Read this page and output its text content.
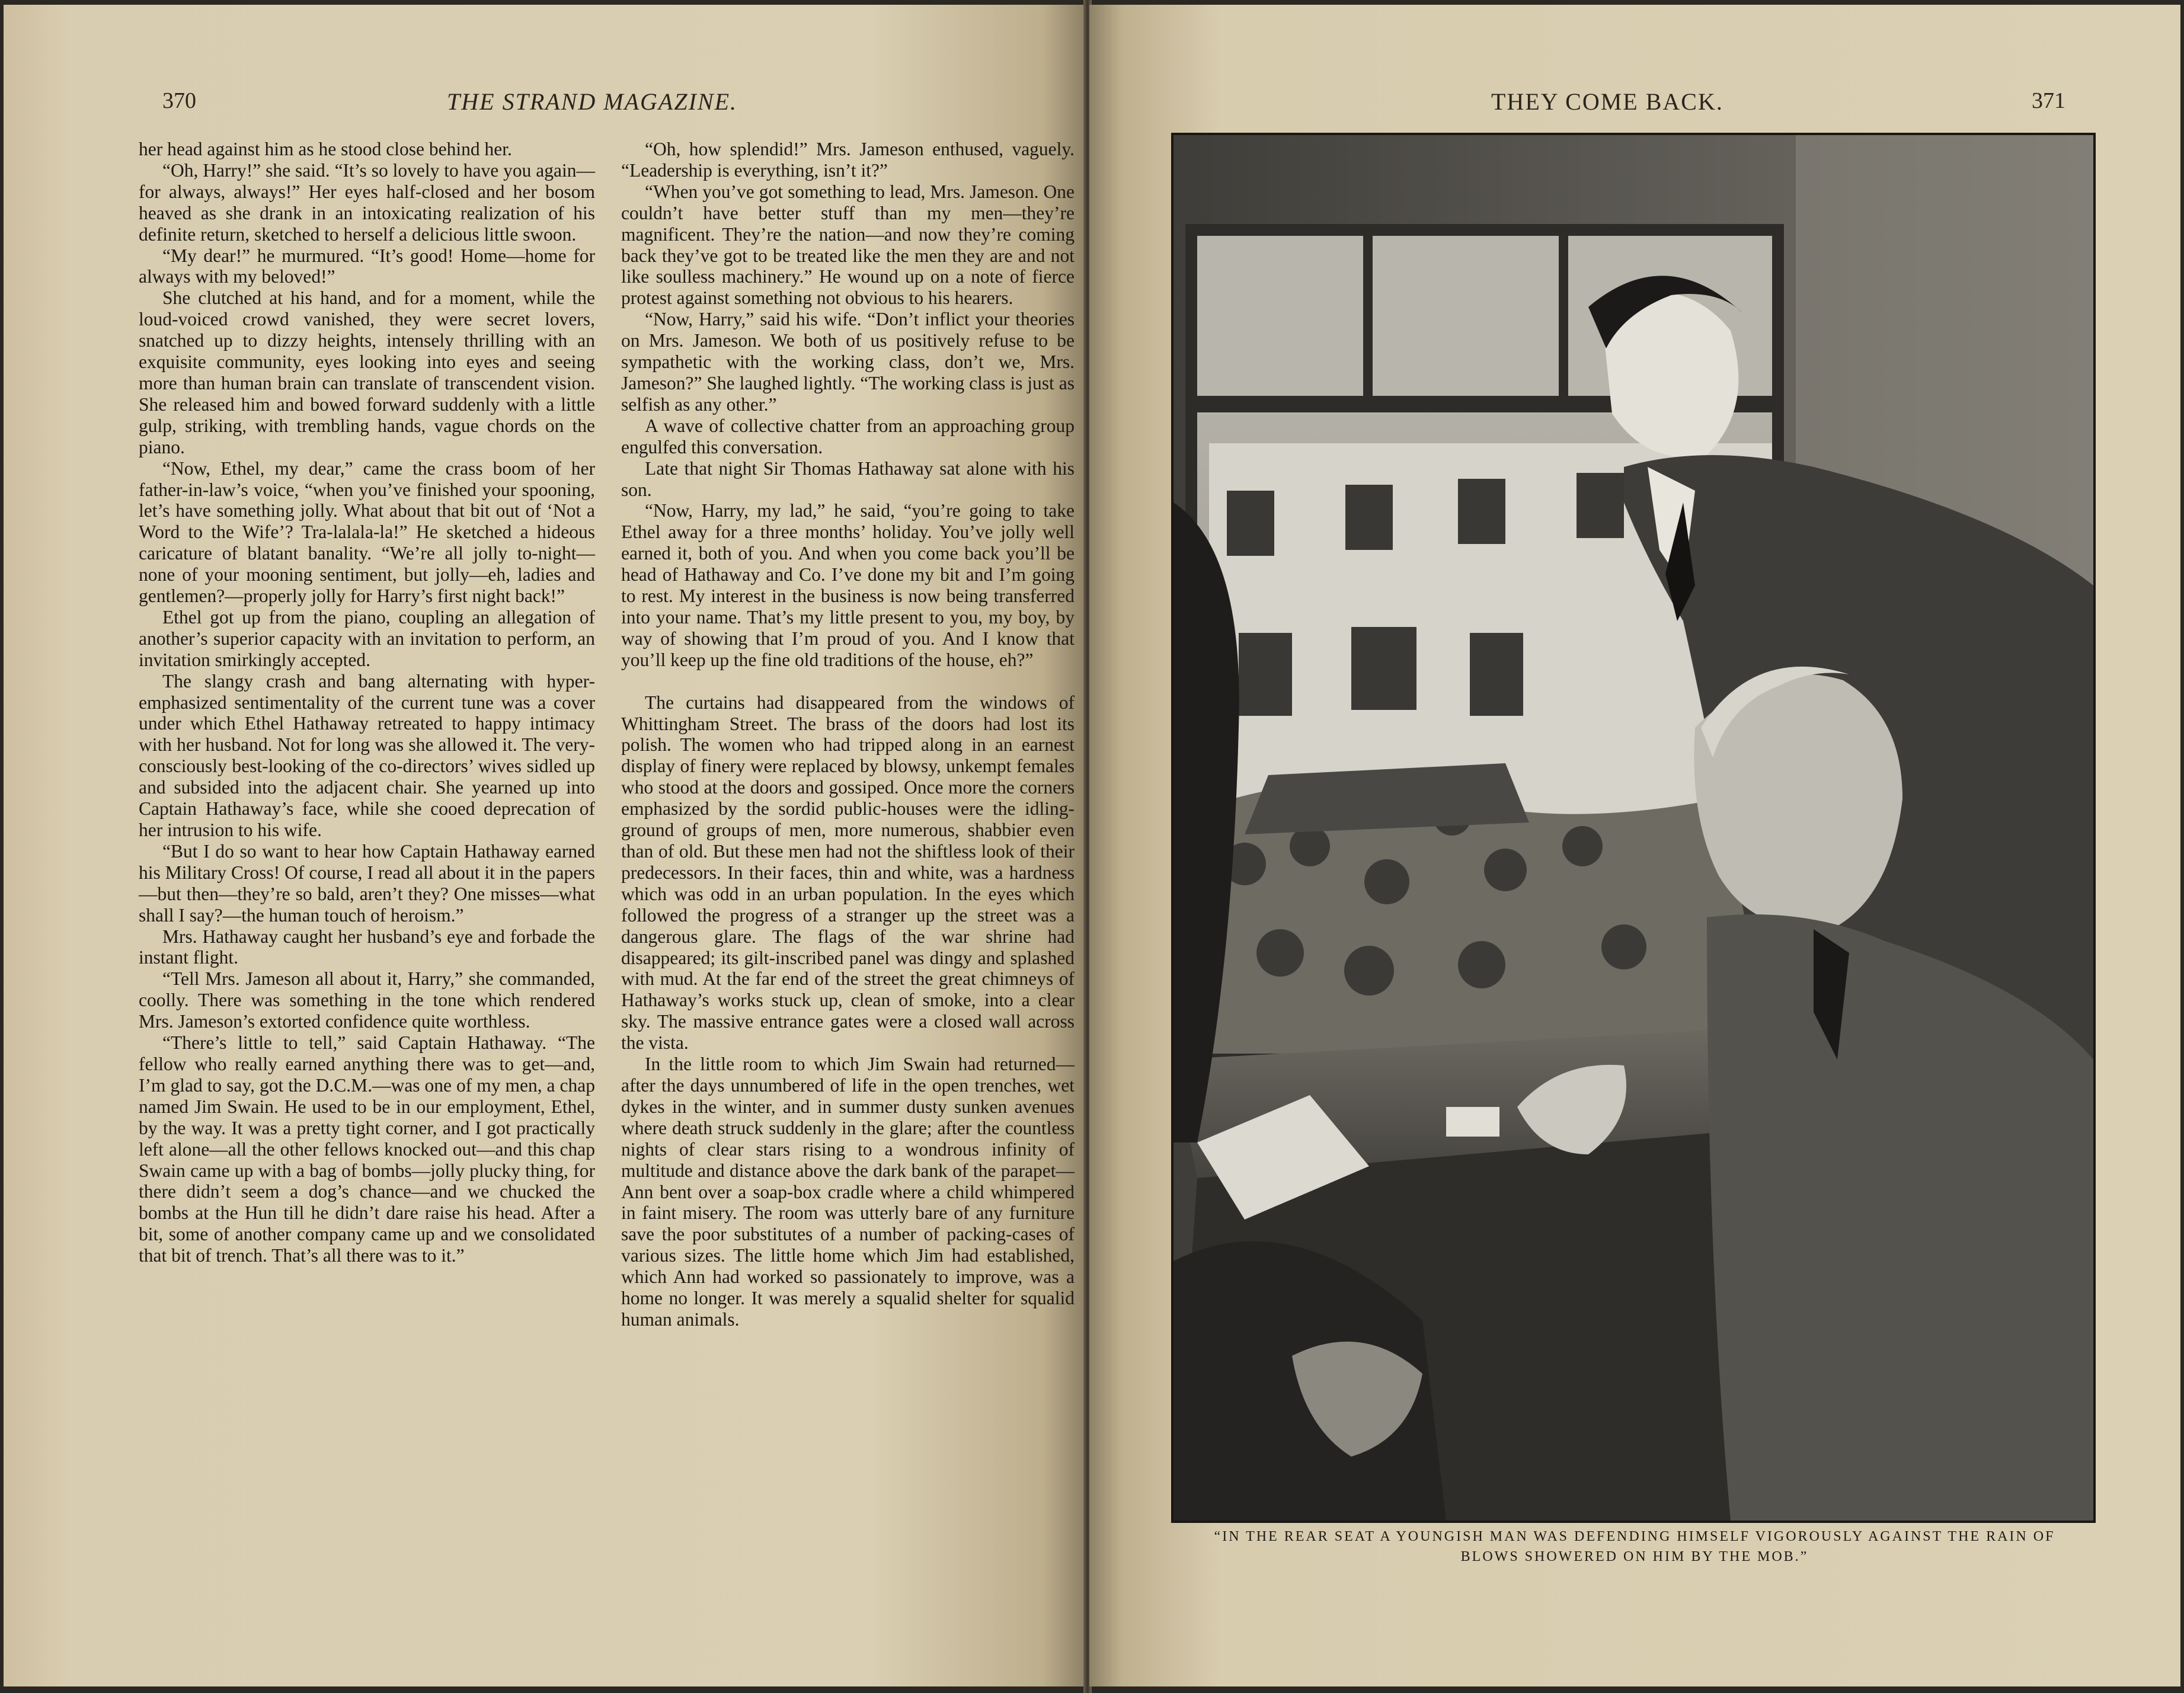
370	THE STRAND MAGAZINE.

her head against him as he stood close behind her.

“Oh, Harry!” she said. “It’s so lovely to have you again—for always, always!” Her eyes half-closed and her bosom heaved as she drank in an intoxicating realization of his definite return, sketched to herself a delicious little swoon.

“My dear!” he murmured. “It’s good! Home—home for always with my beloved!”

She clutched at his hand, and for a moment, while the loud-voiced crowd vanished, they were secret lovers, snatched up to dizzy heights, intensely thrilling with an exquisite community, eyes looking into eyes and seeing more than human brain can translate of transcendent vision. She released him and bowed forward suddenly with a little gulp, striking, with trembling hands, vague chords on the piano.

“Now, Ethel, my dear,” came the crass boom of her father-in-law’s voice, “when you’ve finished your spooning, let’s have something jolly. What about that bit out of ‘Not a Word to the Wife’? Tra-lalala-la!” He sketched a hideous caricature of blatant banality. “We’re all jolly to-night—none of your mooning sentiment, but jolly—eh, ladies and gentlemen?—properly jolly for Harry’s first night back!”

Ethel got up from the piano, coupling an allegation of another’s superior capacity with an invitation to perform, an invitation smirkingly accepted.

The slangy crash and bang alternating with hyper-emphasized sentimentality of the current tune was a cover under which Ethel Hathaway retreated to happy intimacy with her husband. Not for long was she allowed it. The very-consciously best-looking of the co-directors’ wives sidled up and subsided into the adjacent chair. She yearned up into Captain Hathaway’s face, while she cooed deprecation of her intrusion to his wife.

“But I do so want to hear how Captain Hathaway earned his Military Cross! Of course, I read all about it in the papers—but then—they’re so bald, aren’t they? One misses—what shall I say?—the human touch of heroism.”

Mrs. Hathaway caught her husband’s eye and forbade the instant flight.

“Tell Mrs. Jameson all about it, Harry,” she commanded, coolly. There was something in the tone which rendered Mrs. Jameson’s extorted confidence quite worthless.

“There’s little to tell,” said Captain Hathaway. “The fellow who really earned anything there was to get—and, I’m glad to say, got the D.C.M.—was one of my men, a chap named Jim Swain. He used to be in our employment, Ethel, by the way. It was a pretty tight corner, and I got practically left alone—all the other fellows knocked out—and this chap Swain came up with a bag of bombs—jolly plucky thing, for there didn’t seem a dog’s chance—and we chucked the bombs at the Hun till he didn’t dare raise his head. After a bit, some of another company came up and we consolidated that bit of trench. That’s all there was to it.”

“Oh, how splendid!” Mrs. Jameson enthused, vaguely. “Leadership is everything, isn’t it?”

“When you’ve got something to lead, Mrs. Jameson. One couldn’t have better stuff than my men—they’re magnificent. They’re the nation—and now they’re coming back they’ve got to be treated like the men they are and not like soulless machinery.” He wound up on a note of fierce protest against something not obvious to his hearers.

“Now, Harry,” said his wife. “Don’t inflict your theories on Mrs. Jameson. We both of us positively refuse to be sympathetic with the working class, don’t we, Mrs. Jameson?” She laughed lightly. “The working class is just as selfish as any other.”

A wave of collective chatter from an approaching group engulfed this conversation.

Late that night Sir Thomas Hathaway sat alone with his son.

“Now, Harry, my lad,” he said, “you’re going to take Ethel away for a three months’ holiday. You’ve jolly well earned it, both of you. And when you come back you’ll be head of Hathaway and Co. I’ve done my bit and I’m going to rest. My interest in the business is now being transferred into your name. That’s my little present to you, my boy, by way of showing that I’m proud of you. And I know that you’ll keep up the fine old traditions of the house, eh?”

The curtains had disappeared from the windows of Whittingham Street. The brass of the doors had lost its polish. The women who had tripped along in an earnest display of finery were replaced by blowsy, unkempt females who stood at the doors and gossiped. Once more the corners emphasized by the sordid public-houses were the idling-ground of groups of men, more numerous, shabbier even than of old. But these men had not the shiftless look of their predecessors. In their faces, thin and white, was a hardness which was odd in an urban population. In the eyes which followed the progress of a stranger up the street was a dangerous glare. The flags of the war shrine had disappeared; its gilt-inscribed panel was dingy and splashed with mud. At the far end of the street the great chimneys of Hathaway’s works stuck up, clean of smoke, into a clear sky. The massive entrance gates were a closed wall across the vista.

In the little room to which Jim Swain had returned—after the days unnumbered of life in the open trenches, wet dykes in the winter, and in summer dusty sunken avenues where death struck suddenly in the glare; after the countless nights of clear stars rising to a wondrous infinity of multitude and distance above the dark bank of the parapet—Ann bent over a soap-box cradle where a child whimpered in faint misery. The room was utterly bare of any furniture save the poor substitutes of a number of packing-cases of various sizes. The little home which Jim had established, which Ann had worked so passionately to improve, was a home no longer. It was merely a squalid shelter for squalid human animals.

THEY COME BACK.	371
“IN THE REAR SEAT A YOUNGISH MAN WAS DEFENDING HIMSELF VIGOROUSLY AGAINST THE RAIN OF BLOWS SHOWERED ON HIM BY THE MOB.”
